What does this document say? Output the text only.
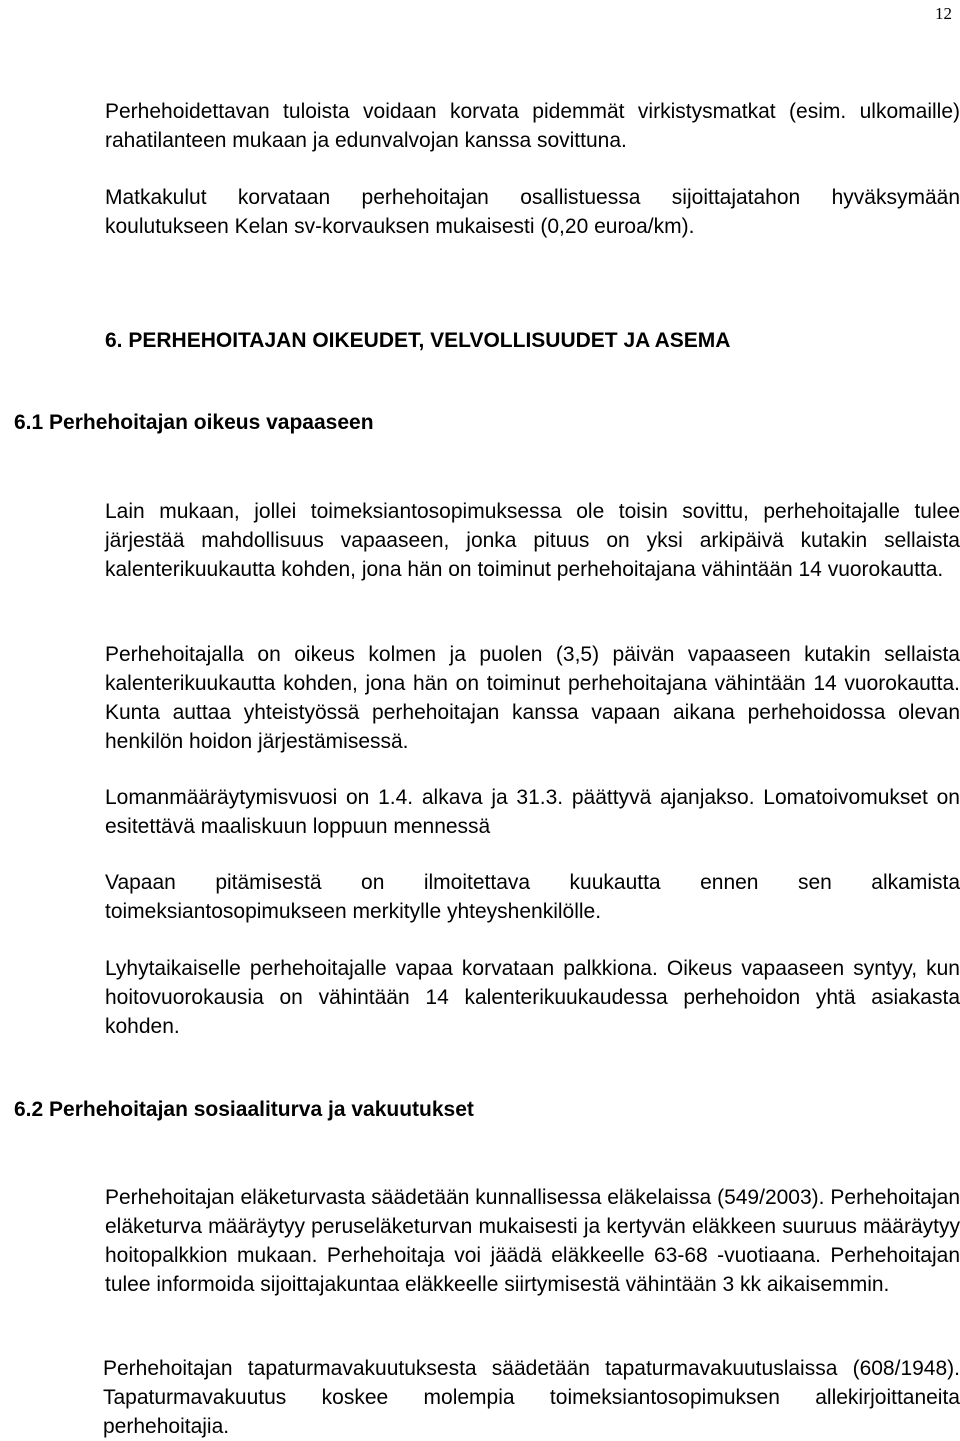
12

Perhehoidettavan tuloista voidaan korvata pidemmät virkistysmatkat (esim. ulkomaille) rahatilanteen mukaan ja edunvalvojan kanssa sovittuna.

Matkakulut korvataan perhehoitajan osallistuessa sijoittajatahon hyväksymään koulutukseen Kelan sv-korvauksen mukaisesti (0,20 euroa/km).

6. PERHEHOITAJAN OIKEUDET, VELVOLLISUUDET JA ASEMA
6.1 Perhehoitajan oikeus vapaaseen

Lain mukaan, jollei toimeksiantosopimuksessa ole toisin sovittu, perhehoitajalle tulee järjestää mahdollisuus vapaaseen, jonka pituus on yksi arkipäivä kutakin sellaista kalenterikuukautta kohden, jona hän on toiminut perhehoitajana vähintään 14 vuorokautta.

Perhehoitajalla on oikeus kolmen ja puolen (3,5) päivän vapaaseen kutakin sellaista kalenterikuukautta kohden, jona hän on toiminut perhehoitajana vähintään 14 vuorokautta. Kunta auttaa yhteistyössä perhehoitajan kanssa vapaan aikana perhehoidossa olevan henkilön hoidon järjestämisessä.

Lomanmääräytymisvuosi on 1.4. alkava ja 31.3. päättyvä ajanjakso. Lomatoivomukset on esitettävä maaliskuun loppuun mennessä

Vapaan pitämisestä on ilmoitettava kuukautta ennen sen alkamista toimeksiantosopimukseen merkitylle yhteyshenkilölle.

Lyhytaikaiselle perhehoitajalle vapaa korvataan palkkiona. Oikeus vapaaseen syntyy, kun hoitovuorokausia on vähintään 14 kalenterikuukaudessa perhehoidon yhtä asiakasta kohden.

6.2 Perhehoitajan sosiaaliturva ja vakuutukset

Perhehoitajan eläketurvasta säädetään kunnallisessa eläkelaissa (549/2003). Perhehoitajan eläketurva määräytyy peruseläketurvan mukaisesti ja kertyvän eläkkeen suuruus määräytyy hoitopalkkion mukaan. Perhehoitaja voi jäädä eläkkeelle 63-68 -vuotiaana. Perhehoitajan tulee informoida sijoittajakuntaa eläkkeelle siirtymisestä vähintään 3 kk aikaisemmin.

Perhehoitajan tapaturmavakuutuksesta säädetään tapaturmavakuutuslaissa (608/1948). Tapaturmavakuutus koskee molempia toimeksiantosopimuksen allekirjoittaneita perhehoitajia.
